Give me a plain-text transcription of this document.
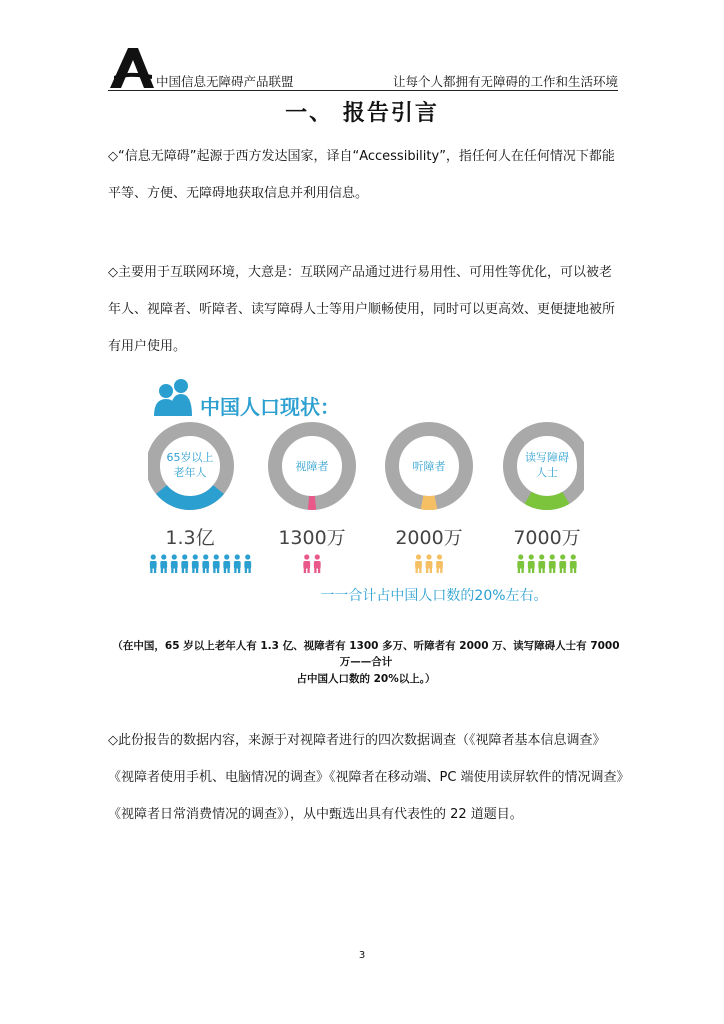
中国信息无障碍产品联盟	让每个人都拥有无障碍的工作和生活环境
一、 报告引言

◇“信息无障碍”起源于西方发达国家，译自“Accessibility”，指任何人在任何情况下都能平等、方便、无障碍地获取信息并利用信息。

◇主要用于互联网环境，大意是：互联网产品通过进行易用性、可用性等优化，可以被老年人、视障者、听障者、读写障碍人士等用户顺畅使用，同时可以更高效、更便捷地被所有用户使用。

中国人口现状：
65岁以上
老年人
1.3亿
视障者
1300万
听障者
2000万
读写障碍
人士
7000万
一一合计占中国人口数的20%左右。
（在中国，65 岁以上老年人有 1.3 亿、视障者有 1300 多万、听障者有 2000 万、读写障碍人士有 7000 万——合计
占中国人口数的 20%以上。）

◇此份报告的数据内容，来源于对视障者进行的四次数据调查（《视障者基本信息调查》《视障者使用手机、电脑情况的调查》《视障者在移动端、PC 端使用读屏软件的情况调查》《视障者日常消费情况的调查》），从中甄选出具有代表性的 22 道题目。

3
